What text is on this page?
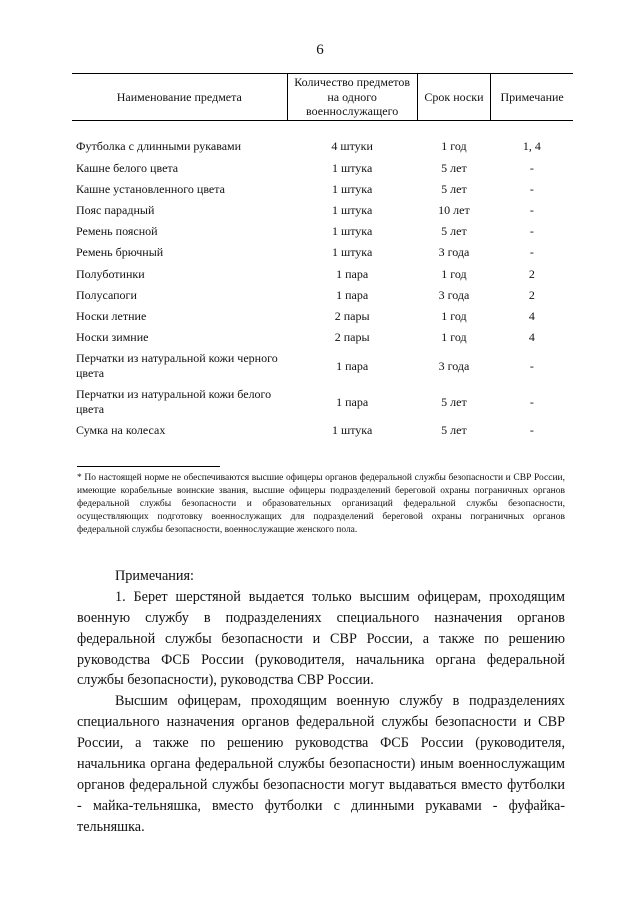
6
Наименование предмета	Количество предметов на одного военнослужащего	Срок носки	Примечание

Футболка с длинными рукавами	4 штуки	1 год	1, 4
Кашне белого цвета	1 штука	5 лет	-
Кашне установленного цвета	1 штука	5 лет	-
Пояс парадный	1 штука	10 лет	-
Ремень поясной	1 штука	5 лет	-
Ремень брючный	1 штука	3 года	-
Полуботинки	1 пара	1 год	2
Полусапоги	1 пара	3 года	2
Носки летние	2 пары	1 год	4
Носки зимние	2 пары	1 год	4
Перчатки из натуральной кожи черного цвета	1 пара	3 года	-
Перчатки из натуральной кожи белого цвета	1 пара	5 лет	-
Сумка на колесах	1 штука	5 лет	-
* По настоящей норме не обеспечиваются высшие офицеры органов федеральной службы безопасности и СВР России, имеющие корабельные воинские звания, высшие офицеры подразделений береговой охраны пограничных органов федеральной службы безопасности и образовательных организаций федеральной службы безопасности, осуществляющих подготовку военнослужащих для подразделений береговой охраны пограничных органов федеральной службы безопасности, военнослужащие женского пола.

Примечания:

1. Берет шерстяной выдается только высшим офицерам, проходящим военную службу в подразделениях специального назначения органов федеральной службы безопасности и СВР России, а также по решению руководства ФСБ России (руководителя, начальника органа федеральной службы безопасности), руководства СВР России.

Высшим офицерам, проходящим военную службу в подразделениях специального назначения органов федеральной службы безопасности и СВР России, а также по решению руководства ФСБ России (руководителя, начальника органа федеральной службы безопасности) иным военнослужащим органов федеральной службы безопасности могут выдаваться вместо футболки - майка-тельняшка, вместо футболки с длинными рукавами - фуфайка-тельняшка.
